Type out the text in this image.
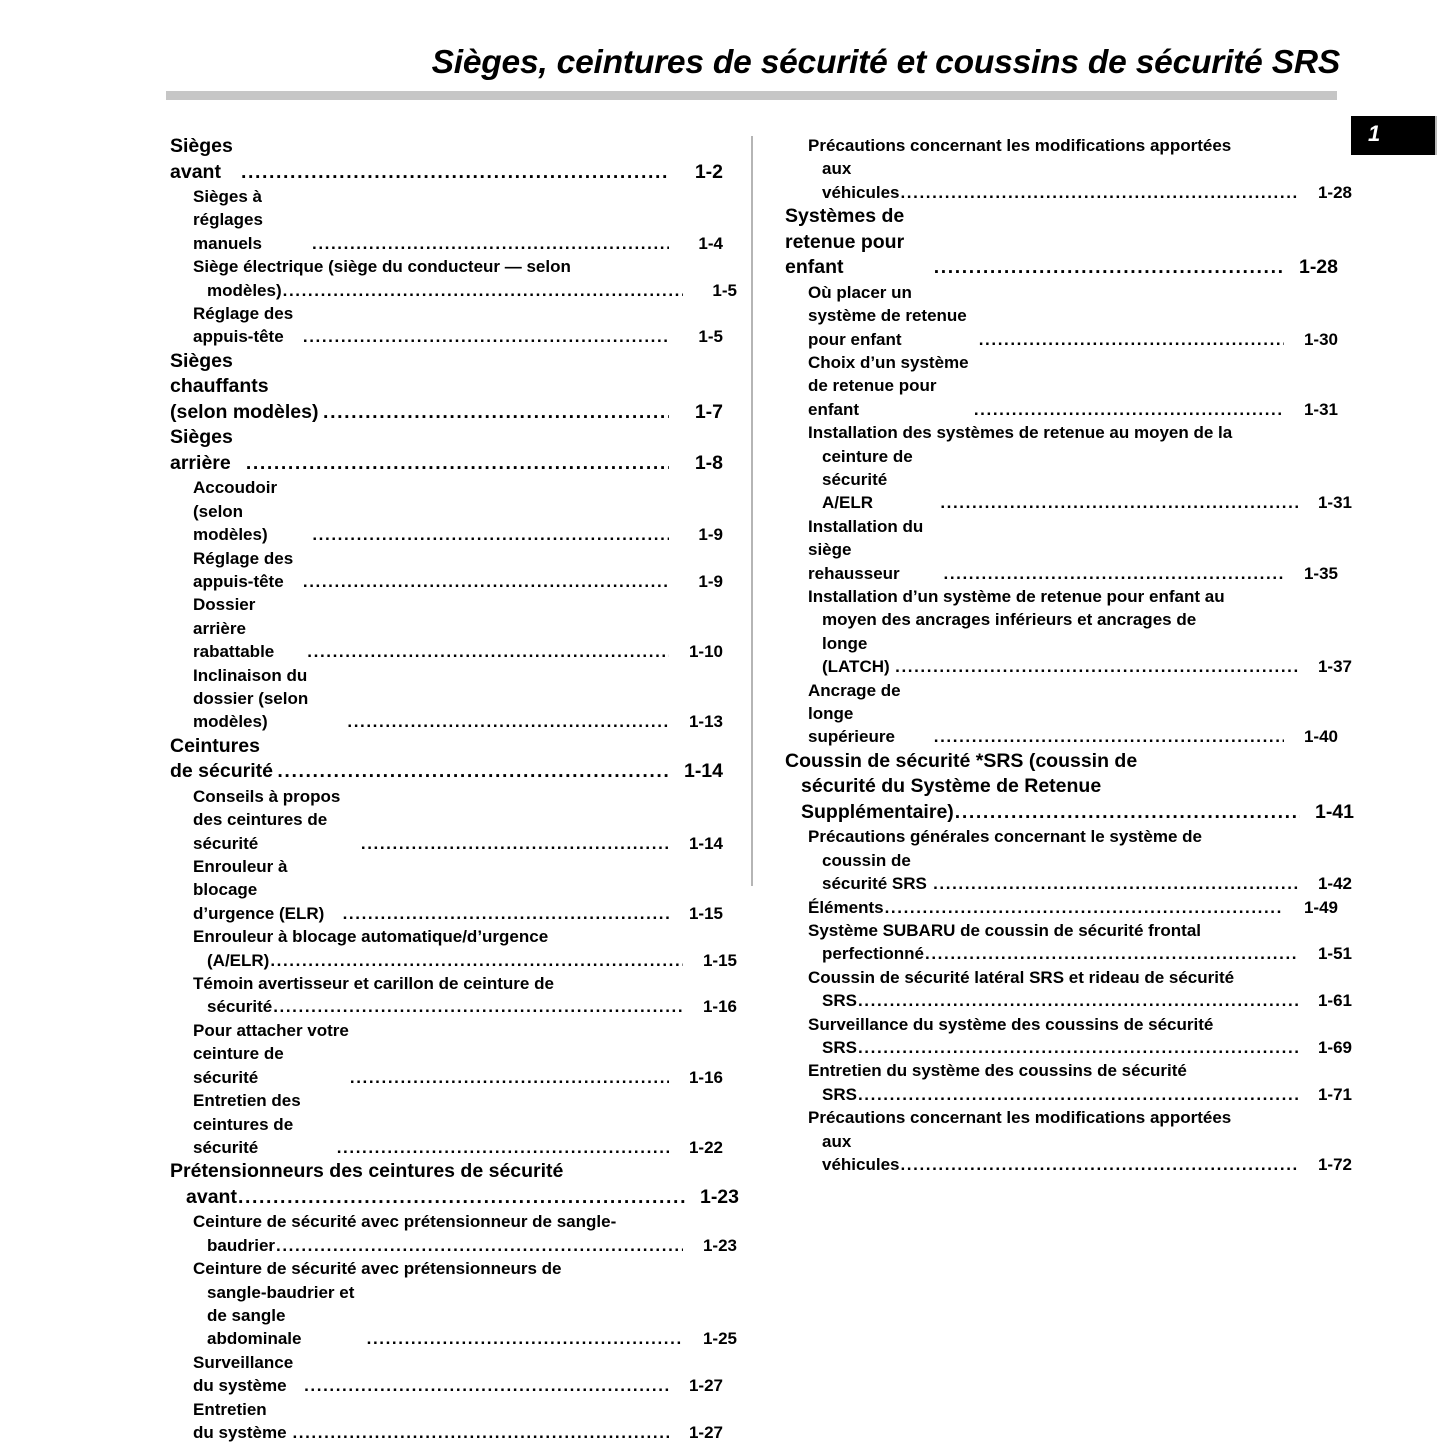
Sièges, ceintures de sécurité et coussins de sécurité SRS
1
Sièges avant .....	1-2
Sièges à réglages manuels .....	1-4
Siège électrique (siège du conducteur — selon
modèles) .....	1-5
Réglage des appuis-tête .....	1-5
Sièges chauffants (selon modèles) .....	1-7
Sièges arrière .....	1-8
Accoudoir (selon modèles) .....	1-9
Réglage des appuis-tête .....	1-9
Dossier arrière rabattable .....	1-10
Inclinaison du dossier (selon modèles) .....	1-13
Ceintures de sécurité .....	1-14
Conseils à propos des ceintures de sécurité .....	1-14
Enrouleur à blocage d’urgence (ELR) .....	1-15
Enrouleur à blocage automatique/d’urgence
(A/ELR) .....	1-15
Témoin avertisseur et carillon de ceinture de
sécurité .....	1-16
Pour attacher votre ceinture de sécurité .....	1-16
Entretien des ceintures de sécurité .....	1-22
Prétensionneurs des ceintures de sécurité
avant .....	1-23
Ceinture de sécurité avec prétensionneur de sangle-
baudrier .....	1-23
Ceinture de sécurité avec prétensionneurs de
sangle-baudrier et de sangle abdominale .....	1-25
Surveillance du système .....	1-27
Entretien du système .....	1-27
Précautions concernant les modifications apportées
aux véhicules .....	1-28
Systèmes de retenue pour enfant .....	1-28
Où placer un système de retenue pour enfant .....	1-30
Choix d’un système de retenue pour enfant .....	1-31
Installation des systèmes de retenue au moyen de la
ceinture de sécurité A/ELR .....	1-31
Installation du siège rehausseur .....	1-35
Installation d’un système de retenue pour enfant au
moyen des ancrages inférieurs et ancrages de
longe (LATCH) .....	1-37
Ancrage de longe supérieure .....	1-40
Coussin de sécurité *SRS (coussin de
sécurité du Système de Retenue
Supplémentaire) .....	1-41
Précautions générales concernant le système de
coussin de sécurité SRS .....	1-42
Éléments .....	1-49
Système SUBARU de coussin de sécurité frontal
perfectionné .....	1-51
Coussin de sécurité latéral SRS et rideau de sécurité
SRS .....	1-61
Surveillance du système des coussins de sécurité
SRS .....	1-69
Entretien du système des coussins de sécurité
SRS .....	1-71
Précautions concernant les modifications apportées
aux véhicules .....	1-72
